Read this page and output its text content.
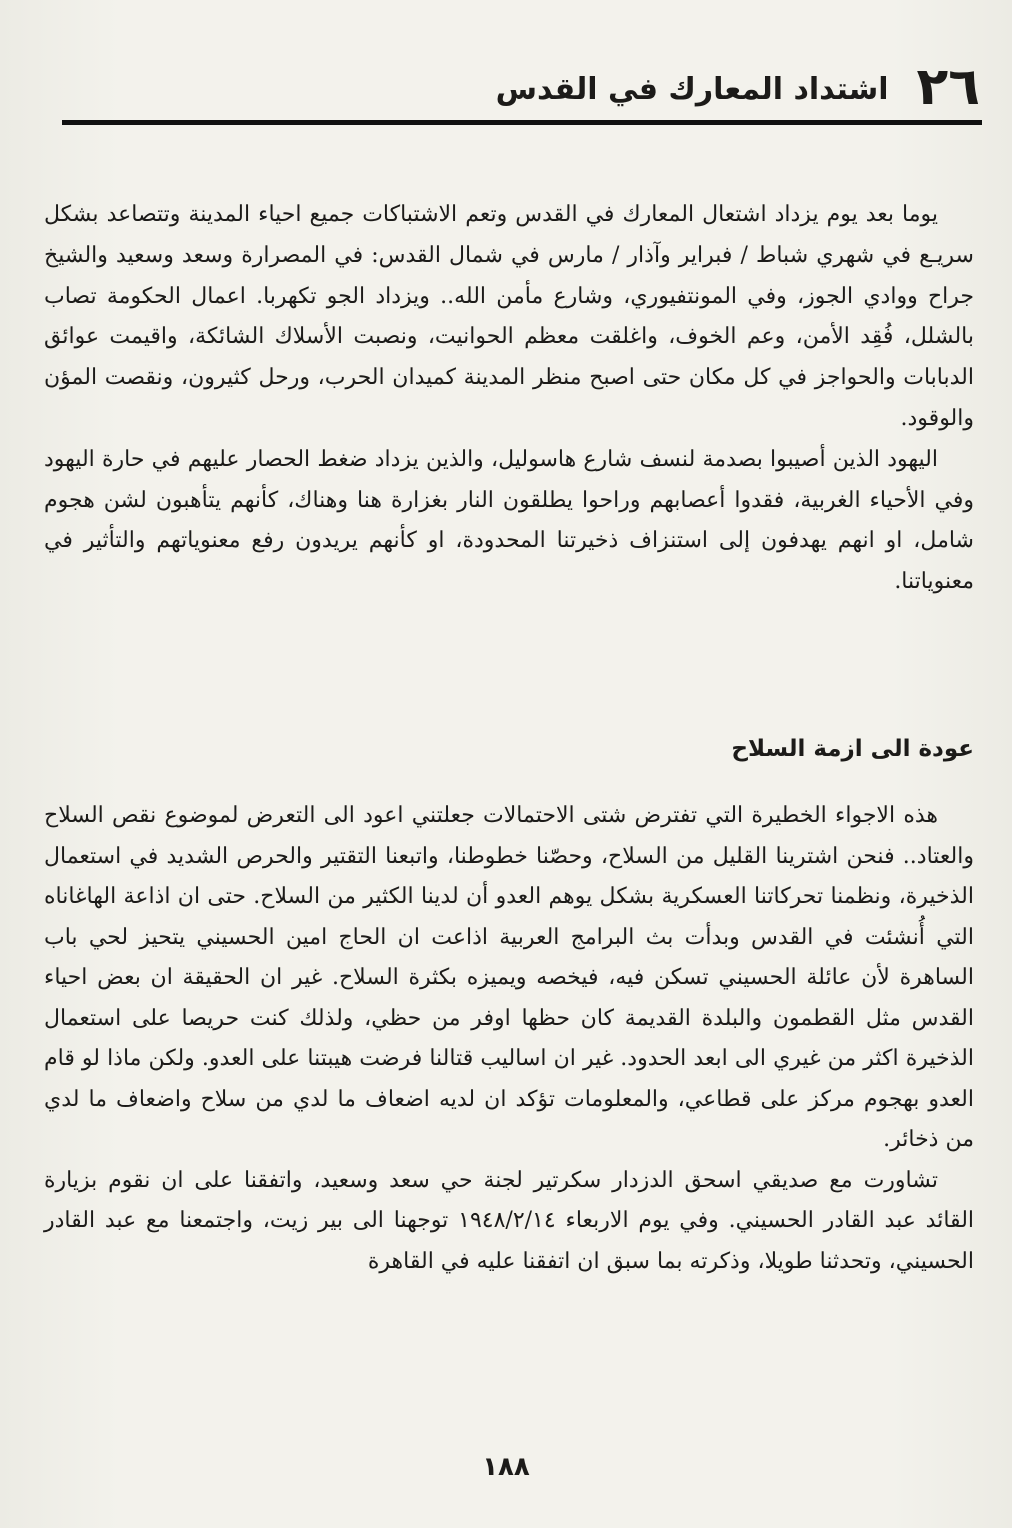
٢٦
اشتداد المعارك في القدس

يوما بعد يوم يزداد اشتعال المعارك في القدس وتعم الاشتباكات جميع احياء المدينة وتتصاعد بشكل سريـع في شهري شباط / فبراير وآذار / مارس في شمال القدس: في المصرارة وسعد وسعيد والشيخ جراح ووادي الجوز، وفي المونتفيوري، وشارع مأمن الله.. ويزداد الجو تكهربا. اعمال الحكومة تصاب بالشلل، فُقِد الأمن، وعم الخوف، واغلقت معظم الحوانيت، ونصبت الأسلاك الشائكة، واقيمت عوائق الدبابات والحواجز في كل مكان حتى اصبح منظر المدينة كميدان الحرب، ورحل كثيرون، ونقصت المؤن والوقود.

اليهود الذين أصيبوا بصدمة لنسف شارع هاسوليل، والذين يزداد ضغط الحصار عليهم في حارة اليهود وفي الأحياء الغربية، فقدوا أعصابهم وراحوا يطلقون النار بغزارة هنا وهناك، كأنهم يتأهبون لشن هجوم شامل، او انهم يهدفون إلى استنزاف ذخيرتنا المحدودة، او كأنهم يريدون رفع معنوياتهم والتأثير في معنوياتنا.

عودة الى ازمة السلاح

هذه الاجواء الخطيرة التي تفترض شتى الاحتمالات جعلتني اعود الى التعرض لموضوع نقص السلاح والعتاد.. فنحن اشترينا القليل من السلاح، وحصّنا خطوطنا، واتبعنا التقتير والحرص الشديد في استعمال الذخيرة، ونظمنا تحركاتنا العسكرية بشكل يوهم العدو أن لدينا الكثير من السلاح. حتى ان اذاعة الهاغاناه التي أُنشئت في القدس وبدأت بث البرامج العربية اذاعت ان الحاج امين الحسيني يتحيز لحي باب الساهرة لأن عائلة الحسيني تسكن فيه، فيخصه ويميزه بكثرة السلاح. غير ان الحقيقة ان بعض احياء القدس مثل القطمون والبلدة القديمة كان حظها اوفر من حظي، ولذلك كنت حريصا على استعمال الذخيرة اكثر من غيري الى ابعد الحدود. غير ان اساليب قتالنا فرضت هيبتنا على العدو. ولكن ماذا لو قام العدو بهجوم مركز على قطاعي، والمعلومات تؤكد ان لديه اضعاف ما لدي من سلاح واضعاف ما لدي من ذخائر.

تشاورت مع صديقي اسحق الدزدار سكرتير لجنة حي سعد وسعيد، واتفقنا على ان نقوم بزيارة القائد عبد القادر الحسيني. وفي يوم الاربعاء ١٩٤٨/٢/١٤ توجهنا الى بير زيت، واجتمعنا مع عبد القادر الحسيني، وتحدثنا طويلا، وذكرته بما سبق ان اتفقنا عليه في القاهرة

١٨٨
